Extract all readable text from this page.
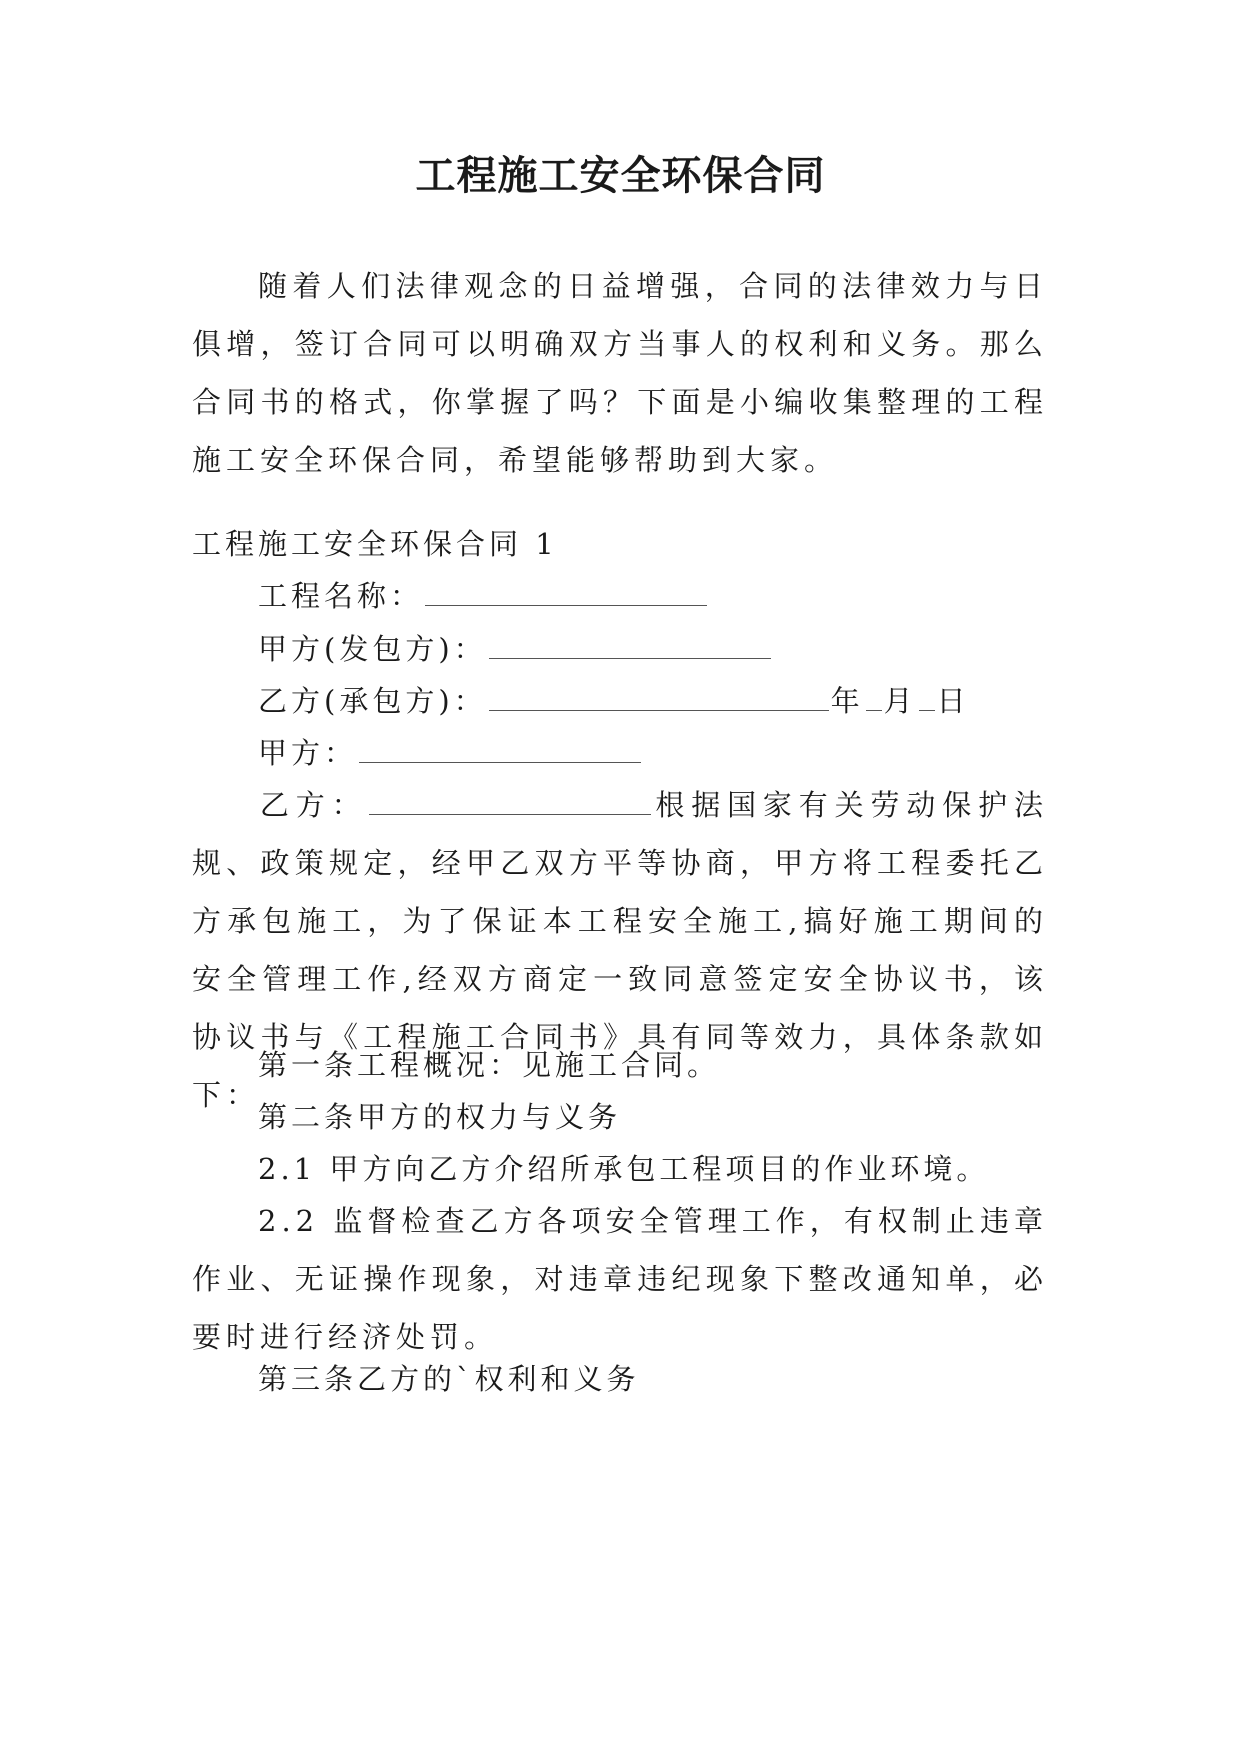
工程施工安全环保合同

随着人们法律观念的日益增强，合同的法律效力与日俱增，签订合同可以明确双方当事人的权利和义务。那么合同书的格式，你掌握了吗？下面是小编收集整理的工程施工安全环保合同，希望能够帮助到大家。

工程施工安全环保合同 1

工程名称：

甲方(发包方)：

乙方(承包方)：	年 月 日

甲方：

乙方：	根据国家有关劳动保护法规、政策规定，经甲乙双方平等协商，甲方将工程委托乙方承包施工，为了保证本工程安全施工,搞好施工期间的安全管理工作,经双方商定一致同意签定安全协议书，该协议书与《工程施工合同书》具有同等效力，具体条款如下：

第一条工程概况：见施工合同。

第二条甲方的权力与义务

2.1 甲方向乙方介绍所承包工程项目的作业环境。

2.2 监督检查乙方各项安全管理工作，有权制止违章作业、无证操作现象，对违章违纪现象下整改通知单，必要时进行经济处罚。

第三条乙方的`权利和义务
